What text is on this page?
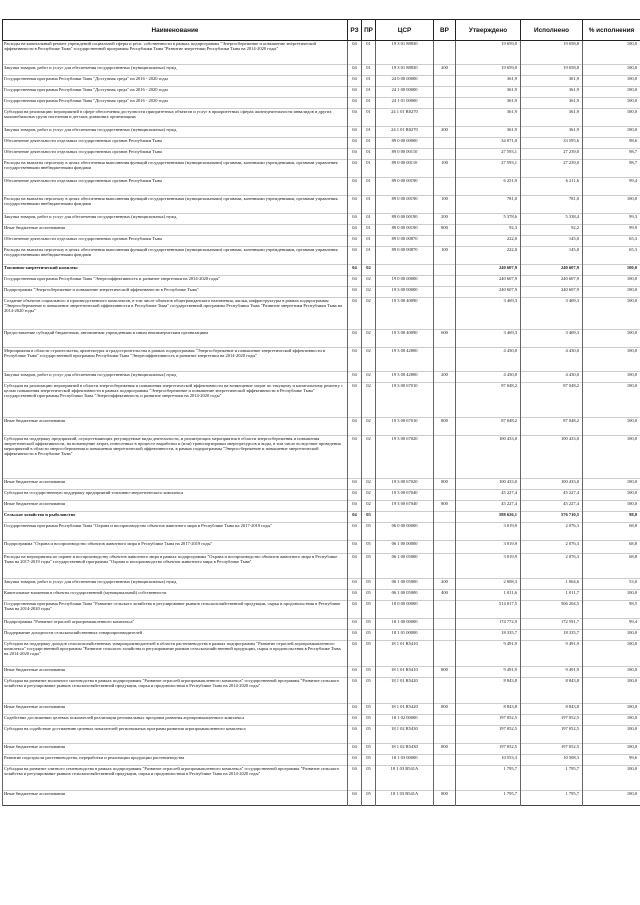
Наименование	РЗ	ПР	ЦСР	ВР	Утверждено	Исполнено	% исполнения
Расходы на капитальный ремонт учреждений социальной сферы и респ. собственности в рамках подпрограммы "Энергосбережение и повышение энергетической эффективности в Республике Тыва" государственной программы Республики Тыва "Развитие энергетики Республики Тыва на 2014-2020 годы"	04	01	19 3 01 88830		19 659,0	19 658,8	100,0
Закупка товаров, работ и услуг для обеспечения государственных (муниципальных) нужд	04	01	19 3 01 88830	200	19 659,0	19 658,8	100,0
Государственная программа Республики Тыва "Доступная среда" на 2016 - 2020 годы	04	01	24 0 00 00000		361,9	361,9	100,0
Государственная программа Республики Тыва "Доступная среда" на 2016 - 2020 годы	04	01	24 1 00 00000		361,9	361,9	100,0
Государственная программа Республики Тыва "Доступная среда" на 2016 - 2020 годы	04	01	24 1 01 00000		361,9	361,9	100,0
Субсидии на реализацию мероприятий в сфере обеспечения доступности приоритетных объектов и услуг в приоритетных сферах жизнедеятельности инвалидов и других маломобильных групп населения и детских домашних организациях	04	01	24 1 01 R0270		361,9	361,9	100,0
Закупка товаров, работ и услуг для обеспечения государственных (муниципальных) нужд	04	01	24 1 01 R0270	200	361,9	361,9	100,0
Обеспечение деятельности отдельных государственных органов Республики Тыва	04	01	89 0 00 00000		34 071,0	33 595,6	98,6
Обеспечение деятельности отдельных государственных органов Республики Тыва	04	01	89 0 00 00110		27 593,1	27 239,0	98,7
Расходы на выплаты персоналу в целях обеспечения выполнения функций государственными (муниципальными) органами, казенными учреждениями, органами управления государственными внебюджетными фондами	04	01	89 0 00 00110	100	27 593,1	27 239,0	98,7
Обеспечение деятельности отдельных государственных органов Республики Тыва	04	01	89 0 00 00190		6 251,9	6 211,6	99,4
Расходы на выплаты персоналу в целях обеспечения выполнения функций государственными (муниципальными) органами, казенными учреждениями, органами управления государственными внебюджетными фондами	04	01	89 0 00 00190	100	781,0	781,0	100,0
Закупка товаров, работ и услуг для обеспечения государственных (муниципальных) нужд	04	01	89 0 00 00190	200	5 378,6	5 338,4	99,3
Иные бюджетные ассигнования	04	01	89 0 00 00190	800	92,3	92,2	99,9
Обеспечение деятельности отдельных государственных органов Республики Тыва	04	01	89 0 00 00870		222,0	145,0	65,3
Расходы на выплаты персоналу в целях обеспечения выполнения функций государственными (муниципальными) органами, казенными учреждениями, органами управления государственными внебюджетными фондами	04	01	89 0 00 00870	100	222,0	145,0	65,3
Топливно-энергетический комплекс	04	02			240 607,9	240 607,9	100,0
Государственная программа Республики Тыва "Энергоэффективность и развитие энергетики на 2014-2020 годы"	04	02	19 0 00 00000		240 607,9	240 607,9	100,0
Подпрограмма "Энергосбережение и повышение энергетической эффективности в Республике Тыва"	04	02	19 3 00 00000		240 607,9	240 607,9	100,0
Создание объектов социального и производственного комплексов, в том числе объектов общегражданского назначения, жилья, инфраструктуры в рамках подпрограммы "Энергосбережение и повышение энергетической эффективности в Республике Тыва" государственной программы Республики Тыва "Развитие энергетики Республики Тыва на 2014-2020 годы"	04	02	19 3 00 40090		3 469,3	3 469,3	100,0
Предоставление субсидий бюджетным, автономным учреждениям и иным некоммерческим организациям	04	02	19 3 00 40090	600	3 469,3	3 469,3	100,0
Мероприятия в области строительства, архитектуры и градостроительства в рамках подпрограммы "Энергосбережение и повышение энергетической эффективности в Республике Тыва" государственной программы Республики Тыва "Энергоэффективность и развитие энергетики на 2014-2020 годы"	04	02	19 3 00 42800		4 430,0	4 430,0	100,0
Закупка товаров, работ и услуг для обеспечения государственных (муниципальных) нужд	04	02	19 3 00 42800	200	4 430,0	4 430,0	100,0
Субсидии на реализацию мероприятий в области энергосбережения и повышения энергетической эффективности на возмещение затрат по текущему и капитальному ремонту с целью повышения энергетической эффективности в рамках подпрограммы "Энергосбережение и повышение энергетической эффективности в Республике Тыва" государственной программы Республики Тыва "Энергоэффективность и развитие энергетики на 2014-2020 годы"	04	02	19 3 00 67010		87 048,2	87 048,2	100,0
Иные бюджетные ассигнования	04	02	19 3 00 67010	800	87 048,2	87 048,2	100,0
Субсидии на поддержку предприятий, осуществляющих регулируемые виды деятельности, и реализующих мероприятия в области энергосбережения и повышения энергетической эффективности, на возмещение затрат, понесенных в процессе выработки и (или) транспортировки энергоресурсов и воды, в том числе вследствие проведения мероприятий в области энергосбережения и повышения энергетической эффективности, в рамках подпрограммы "Энергосбережение и повышение энергетической эффективности в Республике Тыва"	04	02	19 3 00 67020		100 433,0	100 433,0	100,0
Иные бюджетные ассигнования	04	02	19 3 00 67020	800	100 433,0	100 433,0	100,0
Субсидии на государственную поддержку предприятий топливно-энергетического комплекса	04	02	19 3 00 67040		45 227,4	45 227,4	100,0
Иные бюджетные ассигнования	04	02	19 3 00 67040	800	45 227,4	45 227,4	100,0
Сельское хозяйство и рыболовство	04	05			588 626,1	576 710,5	98,0
Государственная программа Республики Тыва "Охрана и воспроизводство объектов животного мира в Республике Тыва на 2017-2019 годы"	04	05	06 0 00 00000		3 019,9	2 076,3	68,8
Подпрограмма "Охрана и воспроизводство объектов животного мира в Республике Тыва на 2017-2019 годы"	04	05	06 1 00 00000		3 019,9	2 076,3	68,8
Расходы на мероприятия по охране и воспроизводству объектов животного мира в рамках подпрограммы "Охрана и воспроизводство объектов животного мира в Республике Тыва на 2017-2019 годы" государственной программы "Охрана и воспроизводство объектов животного мира в Республике Тыва"	04	05	06 1 00 05000		3 019,9	2 076,3	68,8
Закупка товаров, работ и услуг для обеспечения государственных (муниципальных) нужд	04	05	06 1 00 05000	200	2 008,3	1 064,6	53,0
Капитальные вложения в объекты государственной (муниципальной) собственности	04	05	06 1 00 05000	400	1 011,6	1 011,7	100,0
Государственная программа Республики Тыва "Развитие сельского хозяйства и регулирование рынков сельскохозяйственной продукции, сырья и продовольствия в Республике Тыва на 2014-2020 годы"	04	05	18 0 00 00000		514 017,5	506 204,5	98,5
Подпрограмма "Развитие отраслей агропромышленного комплекса"	04	05	18 1 00 00000		174 772,9	172 591,7	99,4
Поддержание доходности сельскохозяйственных товаропроизводителей	04	05	18 1 01 00000		18 335,7	18 335,7	100,0
Субсидии на поддержку доходов сельскохозяйственных товаропроизводителей в области растениеводства в рамках подпрограммы "Развитие отраслей агропромышленного комплекса" государственной программы "Развитие сельского хозяйства и регулирование рынков сельскохозяйственной продукции, сырья и продовольствия в Республике Тыва на 2014-2020 годы"	04	05	18 1 01 R5410		9 491,9	9 491,9	100,0
Иные бюджетные ассигнования	04	05	18 1 01 R5410	800	9 491,9	9 491,9	100,0
Субсидии на развитие молочного скотоводства в рамках подпрограммы "Развитие отраслей агропромышленного комплекса" государственной программы "Развитие сельского хозяйства и регулирование рынков сельскохозяйственной продукции, сырья и продовольствия в Республике Тыва на 2014-2020 годы"	04	05	18 1 01 R5420		8 843,8	8 843,8	100,0
Иные бюджетные ассигнования	04	05	18 1 01 R5420	800	8 843,8	8 843,8	100,0
Содействие достижению целевых показателей реализации региональных программ развития агропромышленного комплекса	04	05	18 1 02 00000		197 052,5	197 052,5	100,0
Субсидии на содействие достижению целевых показателей региональных программ развития агропромышленного комплекса	04	05	18 1 02 R5430		197 052,5	197 052,5	100,0
Иные бюджетные ассигнования	04	05	18 1 02 R5430	800	197 052,5	197 052,5	100,0
Развитие подотрасли растениеводства, переработки и реализации продукции растениеводства	04	05	18 1 03 00000		10 553,3	10 508,3	99,6
Субсидии на развитие элитного семеноводства в рамках подпрограммы "Развитие отраслей агропромышленного комплекса" государственной программы "Развитие сельского хозяйства и регулирование рынков сельскохозяйственной продукции, сырья и продовольствия в Республике Тыва на 2014-2020 годы"	04	05	18 1 03 R541A		1 795,7	1 795,7	100,0
Иные бюджетные ассигнования	04	05	18 1 03 R541A	800	1 795,7	1 795,7	100,0
